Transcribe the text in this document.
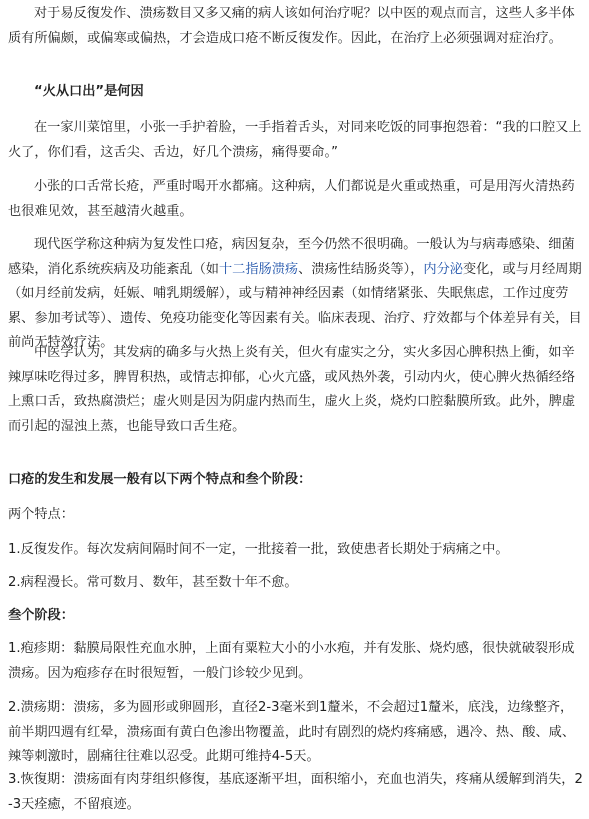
对于易反復发作、溃疡数目又多又痛的病人该如何治疗呢？以中医的观点而言，这些人多半体质有所偏颇，或偏寒或偏热，才会造成口疮不断反復发作。因此，在治疗上必须强调对症治疗。

“火从口出”是何因

在一家川菜馆里，小张一手护着脸，一手指着舌头，对同来吃饭的同事抱怨着：“我的口腔又上火了，你们看，这舌尖、舌边，好几个溃疡，痛得要命。”

小张的口舌常长疮，严重时喝开水都痛。这种病，人们都说是火重或热重，可是用泻火清热药也很难见效，甚至越清火越重。

现代医学称这种病为复发性口疮，病因复杂，至今仍然不很明确。一般认为与病毒感染、细菌感染，消化系统疾病及功能紊乱（如十二指肠溃疡、溃疡性结肠炎等），内分泌变化，或与月经周期（如月经前发病，妊娠、哺乳期缓解），或与精神神经因素（如情绪紧张、失眠焦虑，工作过度劳累、参加考试等）、遗传、免疫功能变化等因素有关。临床表现、治疗、疗效都与个体差异有关，目前尚无特效疗法。

中医学认为，其发病的确多与火热上炎有关，但火有虚实之分，实火多因心脾积热上衝，如辛辣厚味吃得过多，脾胃积热，或情志抑郁，心火亢盛，或风热外袭，引动内火，使心脾火热循经络上熏口舌，致热腐溃烂；虚火则是因为阴虚内热而生，虚火上炎，烧灼口腔黏膜所致。此外，脾虚而引起的湿浊上蒸，也能导致口舌生疮。

口疮的发生和发展一般有以下两个特点和叁个阶段：

两个特点：

1.反復发作。每次发病间隔时间不一定，一批接着一批，致使患者长期处于病痛之中。

2.病程漫长。常可数月、数年，甚至数十年不愈。

叁个阶段：

1.疱疹期：黏膜局限性充血水肿，上面有粟粒大小的小水疱，并有发胀、烧灼感，很快就破裂形成溃疡。因为疱疹存在时很短暂，一般门诊较少见到。

2.溃疡期：溃疡，多为圆形或卵圆形，直径2-3毫米到1釐米，不会超过1釐米，底浅，边缘整齐，前半期四週有红晕，溃疡面有黄白色渗出物覆盖，此时有剧烈的烧灼疼痛感，遇冷、热、酸、咸、辣等刺激时，剧痛往往难以忍受。此期可维持4-5天。

3.恢復期：溃疡面有肉芽组织修復，基底逐渐平坦，面积缩小，充血也消失，疼痛从缓解到消失，2-3天痊癒，不留痕迹。
